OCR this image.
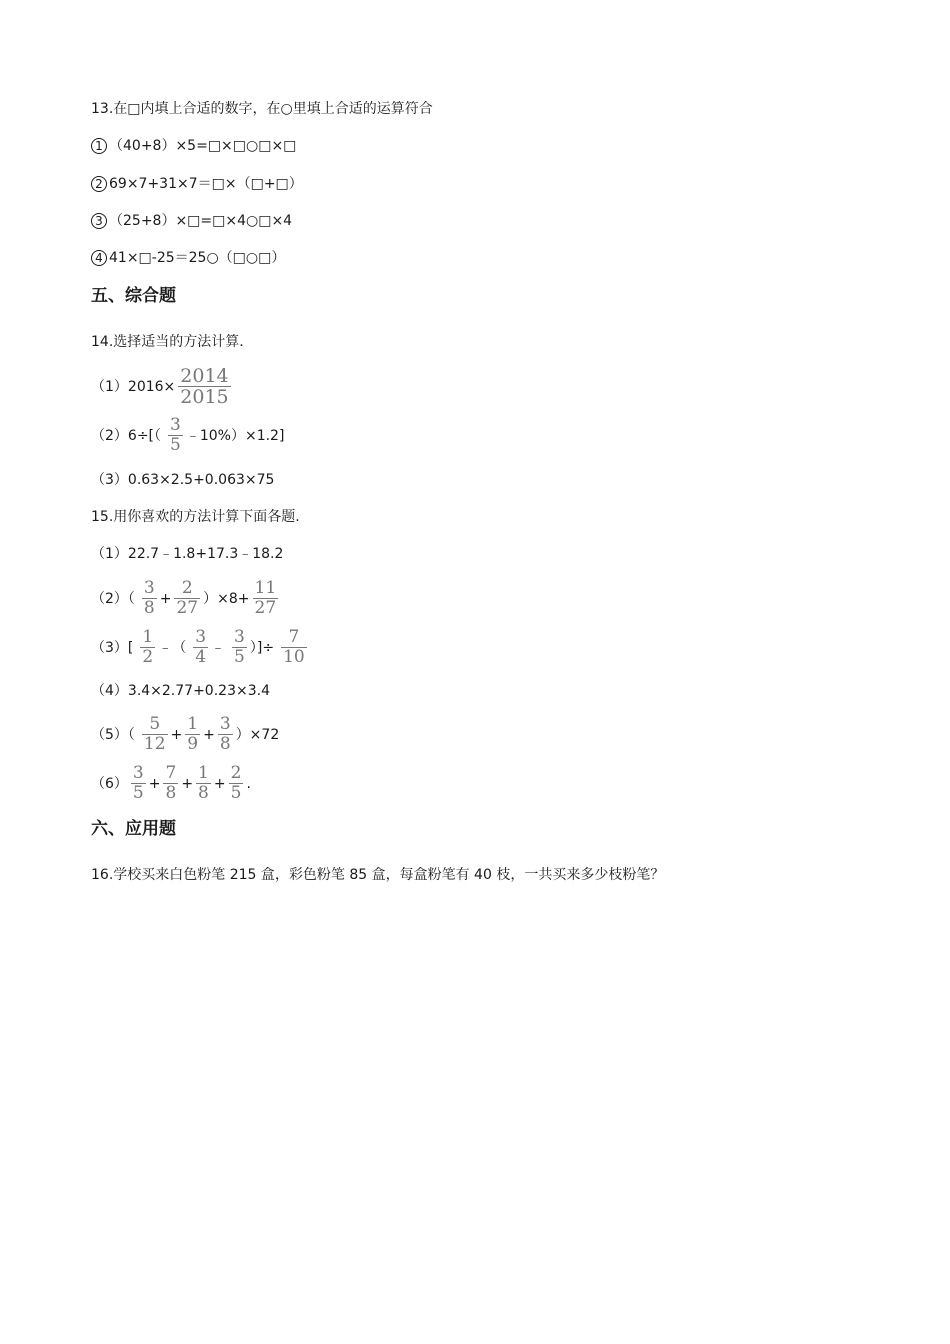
13.在□内填上合适的数字，在○里填上合适的运算符合
1 （40+8）×5=□×□○□×□
2 69×7+31×7＝□×（□+□）
3 （25+8）×□=□×4○□×4
4 41×□-25＝25○（□○□）
五、综合题
14.选择适当的方法计算.
$(1)2016\times \frac{2014}{2015}$
$(2)6\div[( \frac{3}{5}$ ﹣10%）×1.2]
（3）0.63×2.5+0.063×75
15.用你喜欢的方法计算下面各题.
（1）22.7﹣1.8+17.3﹣18.2
$(2)( \frac{3}{8} + \frac{2}{27} )\times 8+ \frac{11}{27}$
$(3)[ \frac{1}{2}$ ﹣（ $\frac{3}{4}$ ﹣ $\frac{3}{5}$ ）]÷ $\frac{7}{10}$
（4）3.4×2.77+0.23×3.4
$(5)( \frac{5}{12} + \frac{1}{9} + \frac{3}{8} )\times 72$
$(6) \frac{3}{5} + \frac{7}{8} + \frac{1}{8} + \frac{2}{5}$ .
六、应用题
16.学校买来白色粉笔 215 盒，彩色粉笔 85 盒，每盒粉笔有 40 枝，一共买来多少枝粉笔？
